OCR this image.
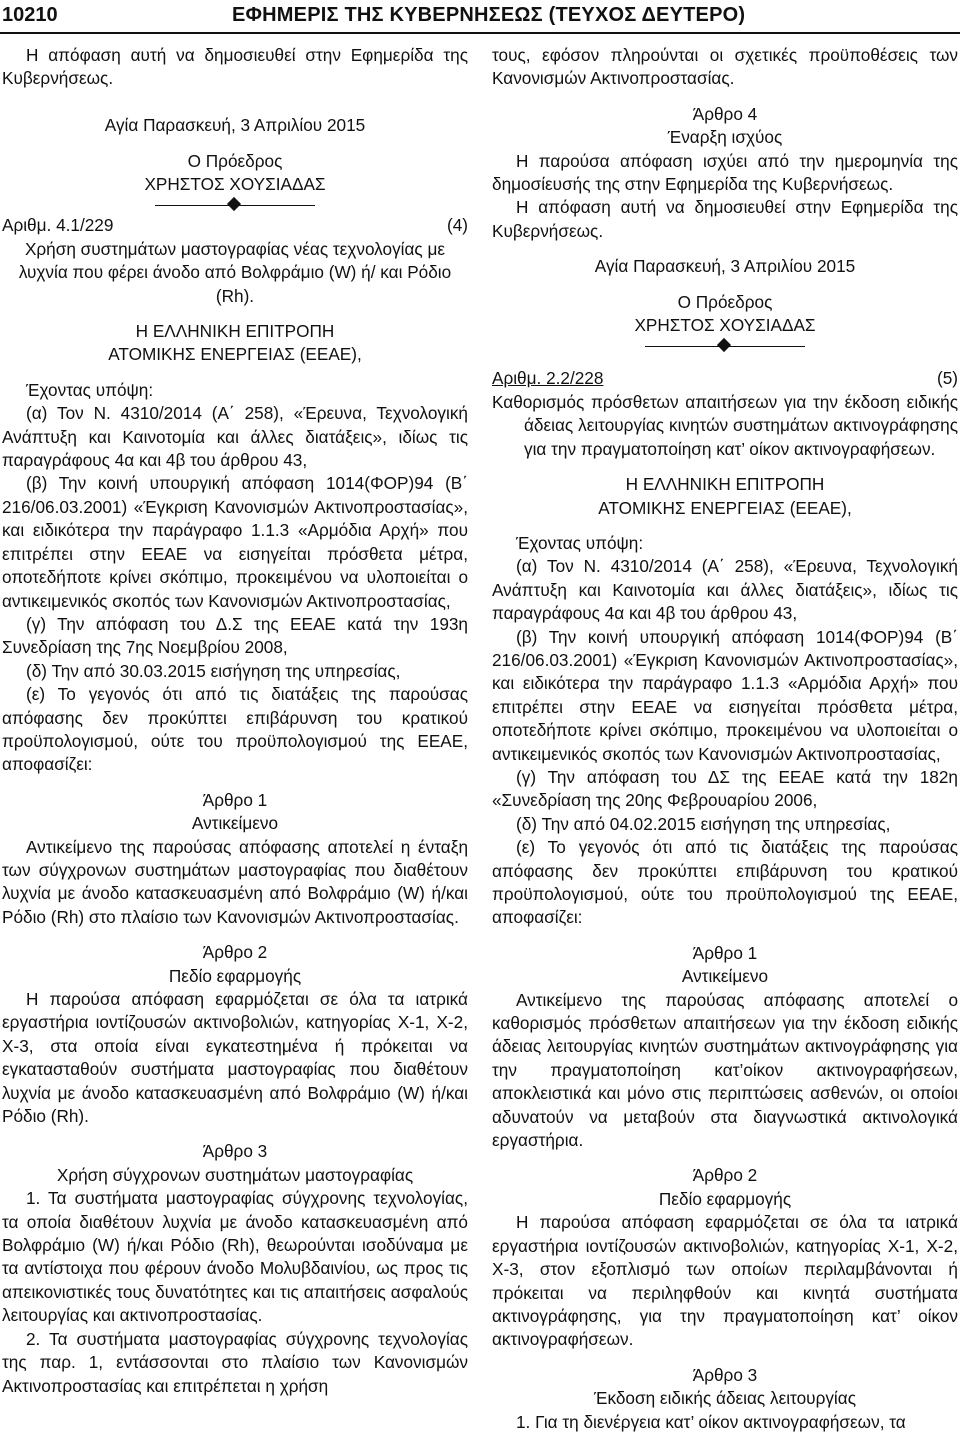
10210	ΕΦΗΜΕΡΙΣ ΤΗΣ ΚΥΒΕΡΝΗΣΕΩΣ (ΤΕΥΧΟΣ ΔΕΥΤΕΡΟ)

Η απόφαση αυτή να δημοσιευθεί στην Εφημερίδα της Κυβερνήσεως.

Αγία Παρασκευή, 3 Απριλίου 2015

Ο Πρόεδρος

ΧΡΗΣΤΟΣ ΧΟΥΣΙΑΔΑΣ

Αριθμ. 4.1/229	(4)

Χρήση συστημάτων μαστογραφίας νέας τεχνολογίας με λυχνία που φέρει άνοδο από Βολφράμιο (W) ή/ και Ρόδιο (Rh).

Η ΕΛΛΗΝΙΚΗ ΕΠΙΤΡΟΠΗ

ΑΤΟΜΙΚΗΣ ΕΝΕΡΓΕΙΑΣ (ΕΕΑΕ),

Έχοντας υπόψη:

(α) Τον Ν. 4310/2014 (Α΄ 258), «Έρευνα, Τεχνολογική Ανάπτυξη και Καινοτομία και άλλες διατάξεις», ιδίως τις παραγράφους 4α και 4β του άρθρου 43,

(β) Την κοινή υπουργική απόφαση 1014(ΦΟΡ)94 (Β΄ 216/06.03.2001) «Έγκριση Κανονισμών Ακτινοπροστασίας», και ειδικότερα την παράγραφο 1.1.3 «Αρμόδια Αρχή» που επιτρέπει στην ΕΕΑΕ να εισηγείται πρόσθετα μέτρα, οποτεδήποτε κρίνει σκόπιμο, προκειμένου να υλοποιείται ο αντικειμενικός σκοπός των Κανονισμών Ακτινοπροστασίας,

(γ) Την απόφαση του Δ.Σ της ΕΕΑΕ κατά την 193η Συνεδρίαση της 7ης Νοεμβρίου 2008,

(δ) Την από 30.03.2015 εισήγηση της υπηρεσίας,

(ε) Το γεγονός ότι από τις διατάξεις της παρούσας απόφασης δεν προκύπτει επιβάρυνση του κρατικού προϋπολογισμού, ούτε του προϋπολογισμού της ΕΕΑΕ, αποφασίζει:

Άρθρο 1

Αντικείμενο

Αντικείμενο της παρούσας απόφασης αποτελεί η ένταξη των σύγχρονων συστημάτων μαστογραφίας που διαθέτουν λυχνία με άνοδο κατασκευασμένη από Βολφράμιο (W) ή/και Ρόδιο (Rh) στο πλαίσιο των Κανονισμών Ακτινοπροστασίας.

Άρθρο 2

Πεδίο εφαρμογής

Η παρούσα απόφαση εφαρμόζεται σε όλα τα ιατρικά εργαστήρια ιοντίζουσών ακτινοβολιών, κατηγορίας Χ-1, Χ-2, Χ-3, στα οποία είναι εγκατεστημένα ή πρόκειται να εγκατασταθούν συστήματα μαστογραφίας που διαθέτουν λυχνία με άνοδο κατασκευασμένη από Βολφράμιο (W) ή/και Ρόδιο (Rh).

Άρθρο 3

Χρήση σύγχρονων συστημάτων μαστογραφίας

1. Τα συστήματα μαστογραφίας σύγχρονης τεχνολογίας, τα οποία διαθέτουν λυχνία με άνοδο κατασκευασμένη από Βολφράμιο (W) ή/και Ρόδιο (Rh), θεωρούνται ισοδύναμα με τα αντίστοιχα που φέρουν άνοδο Μολυβδαινίου, ως προς τις απεικονιστικές τους δυνατότητες και τις απαιτήσεις ασφαλούς λειτουργίας και ακτινοπροστασίας.

2. Τα συστήματα μαστογραφίας σύγχρονης τεχνολογίας της παρ. 1, εντάσσονται στο πλαίσιο των Κανονισμών Ακτινοπροστασίας και επιτρέπεται η χρήση

τους, εφόσον πληρούνται οι σχετικές προϋποθέσεις των Κανονισμών Ακτινοπροστασίας.

Άρθρο 4

Έναρξη ισχύος

Η παρούσα απόφαση ισχύει από την ημερομηνία της δημοσίευσής της στην Εφημερίδα της Κυβερνήσεως.

Η απόφαση αυτή να δημοσιευθεί στην Εφημερίδα της Κυβερνήσεως.

Αγία Παρασκευή, 3 Απριλίου 2015

Ο Πρόεδρος

ΧΡΗΣΤΟΣ ΧΟΥΣΙΑΔΑΣ

Αριθμ. 2.2/228	(5)

Καθορισμός πρόσθετων απαιτήσεων για την έκδοση ειδικής άδειας λειτουργίας κινητών συστημάτων ακτινογράφησης για την πραγματοποίηση κατ’ οίκον ακτινογραφήσεων.

Η ΕΛΛΗΝΙΚΗ ΕΠΙΤΡΟΠΗ

ΑΤΟΜΙΚΗΣ ΕΝΕΡΓΕΙΑΣ (ΕΕΑΕ),

Έχοντας υπόψη:

(α) Τον Ν. 4310/2014 (Α΄ 258), «Έρευνα, Τεχνολογική Ανάπτυξη και Καινοτομία και άλλες διατάξεις», ιδίως τις παραγράφους 4α και 4β του άρθρου 43,

(β) Την κοινή υπουργική απόφαση 1014(ΦΟΡ)94 (Β΄ 216/06.03.2001) «Έγκριση Κανονισμών Ακτινοπροστασίας», και ειδικότερα την παράγραφο 1.1.3 «Αρμόδια Αρχή» που επιτρέπει στην ΕΕΑΕ να εισηγείται πρόσθετα μέτρα, οποτεδήποτε κρίνει σκόπιμο, προκειμένου να υλοποιείται ο αντικειμενικός σκοπός των Κανονισμών Ακτινοπροστασίας,

(γ) Την απόφαση του ΔΣ της ΕΕΑΕ κατά την 182η «Συνεδρίαση της 20ης Φεβρουαρίου 2006,

(δ) Την από 04.02.2015 εισήγηση της υπηρεσίας,

(ε) Το γεγονός ότι από τις διατάξεις της παρούσας απόφασης δεν προκύπτει επιβάρυνση του κρατικού προϋπολογισμού, ούτε του προϋπολογισμού της ΕΕΑΕ, αποφασίζει:

Άρθρο 1

Αντικείμενο

Αντικείμενο της παρούσας απόφασης αποτελεί ο καθορισμός πρόσθετων απαιτήσεων για την έκδοση ειδικής άδειας λειτουργίας κινητών συστημάτων ακτινογράφησης για την πραγματοποίηση κατ’οίκον ακτινογραφήσεων, αποκλειστικά και μόνο στις περιπτώσεις ασθενών, οι οποίοι αδυνατούν να μεταβούν στα διαγνωστικά ακτινολογικά εργαστήρια.

Άρθρο 2

Πεδίο εφαρμογής

Η παρούσα απόφαση εφαρμόζεται σε όλα τα ιατρικά εργαστήρια ιοντίζουσών ακτινοβολιών, κατηγορίας Χ-1, Χ-2, Χ-3, στον εξοπλισμό των οποίων περιλαμβάνονται ή πρόκειται να περιληφθούν και κινητά συστήματα ακτινογράφησης, για την πραγματοποίηση κατ’ οίκον ακτινογραφήσεων.

Άρθρο 3

Έκδοση ειδικής άδειας λειτουργίας

1. Για τη διενέργεια κατ’ οίκον ακτινογραφήσεων, τα
